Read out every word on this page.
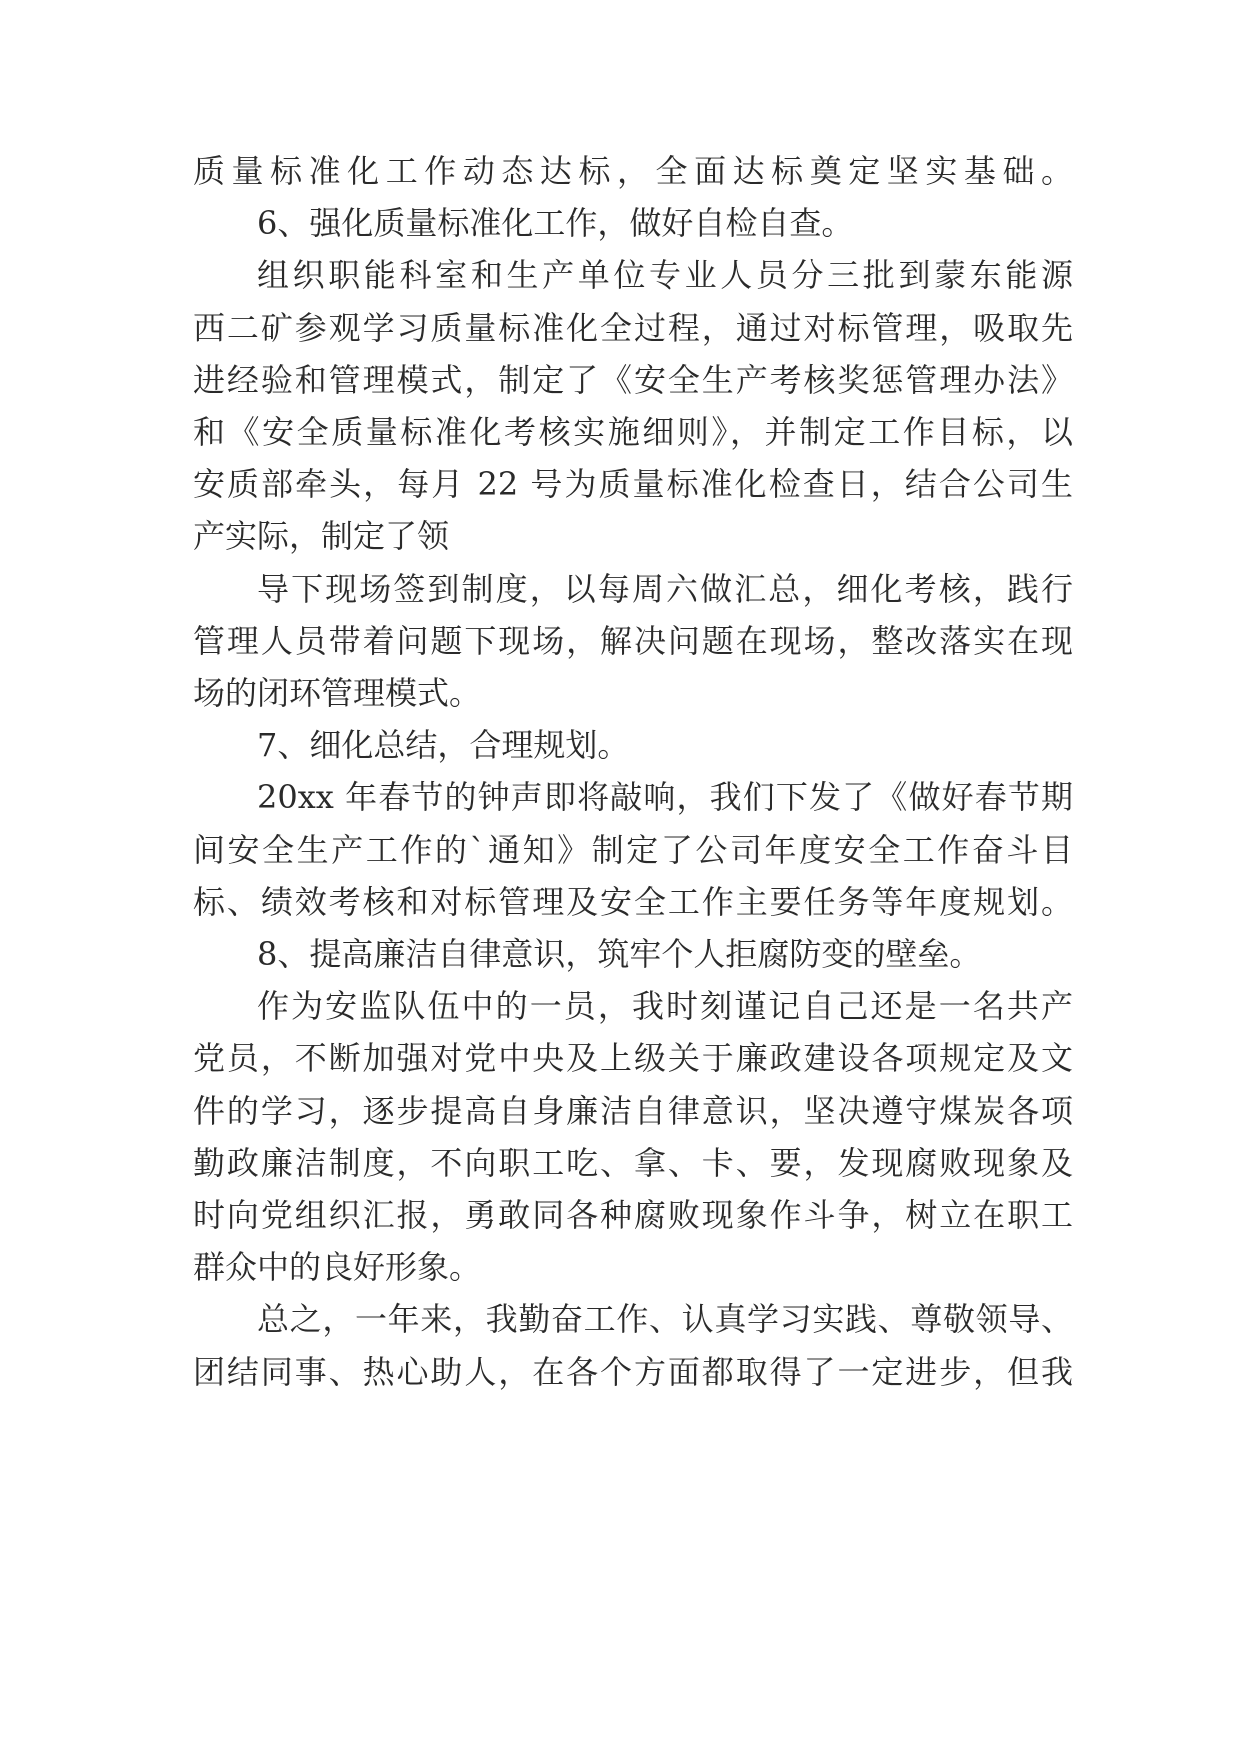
质量标准化工作动态达标，全面达标奠定坚实基础。

6、强化质量标准化工作，做好自检自查。

组织职能科室和生产单位专业人员分三批到蒙东能源

西二矿参观学习质量标准化全过程，通过对标管理，吸取先

进经验和管理模式，制定了《安全生产考核奖惩管理办法》

和《安全质量标准化考核实施细则》，并制定工作目标，以

安质部牵头，每月 22 号为质量标准化检查日，结合公司生

产实际，制定了领

导下现场签到制度，以每周六做汇总，细化考核，践行

管理人员带着问题下现场，解决问题在现场，整改落实在现

场的闭环管理模式。

7、细化总结，合理规划。

20xx 年春节的钟声即将敲响，我们下发了《做好春节期

间安全生产工作的`通知》制定了公司年度安全工作奋斗目

标、绩效考核和对标管理及安全工作主要任务等年度规划。

8、提高廉洁自律意识，筑牢个人拒腐防变的壁垒。

作为安监队伍中的一员，我时刻谨记自己还是一名共产

党员，不断加强对党中央及上级关于廉政建设各项规定及文

件的学习，逐步提高自身廉洁自律意识，坚决遵守煤炭各项

勤政廉洁制度，不向职工吃、拿、卡、要，发现腐败现象及

时向党组织汇报，勇敢同各种腐败现象作斗争，树立在职工

群众中的良好形象。

总之，一年来，我勤奋工作、认真学习实践、尊敬领导、

团结同事、热心助人，在各个方面都取得了一定进步，但我
